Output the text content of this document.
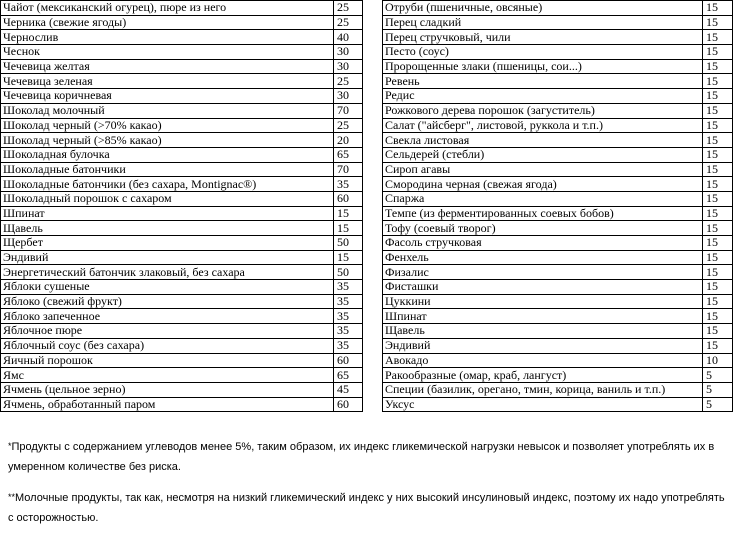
Чайот (мексиканский огурец), пюре из него	25
Черника (свежие ягоды)	25
Чернослив	40
Чеснок	30
Чечевица желтая	30
Чечевица зеленая	25
Чечевица коричневая	30
Шоколад молочный	70
Шоколад черный (>70% какао)	25
Шоколад черный (>85% какао)	20
Шоколадная булочка	65
Шоколадные батончики	70
Шоколадные батончики (без сахара, Montignac®)	35
Шоколадный порошок с сахаром	60
Шпинат	15
Щавель	15
Щербет	50
Эндивий	15
Энергетический батончик злаковый, без сахара	50
Яблоки сушеные	35
Яблоко (свежий фрукт)	35
Яблоко запеченное	35
Яблочное пюре	35
Яблочный соус (без сахара)	35
Яичный порошок	60
Ямс	65
Ячмень (цельное зерно)	45
Ячмень, обработанный паром	60
Отруби (пшеничные, овсяные)	15
Перец сладкий	15
Перец стручковый, чили	15
Песто (соус)	15
Пророщенные злаки (пшеницы, сои...)	15
Ревень	15
Редис	15
Рожкового дерева порошок (загуститель)	15
Салат ("айсберг", листовой, руккола и т.п.)	15
Свекла листовая	15
Сельдерей (стебли)	15
Сироп агавы	15
Смородина черная (свежая ягода)	15
Спаржа	15
Темпе (из ферментированных соевых бобов)	15
Тофу (соевый творог)	15
Фасоль стручковая	15
Фенхель	15
Физалис	15
Фисташки	15
Цуккини	15
Шпинат	15
Щавель	15
Эндивий	15
Авокадо	10
Ракообразные (омар, краб, лангуст)	5
Специи (базилик, орегано, тмин, корица, ваниль и т.п.)	5
Уксус	5

*Продукты с содержанием углеводов менее 5%, таким образом, их индекс гликемической нагрузки невысок и позволяет употреблять их в умеренном количестве без риска.

**Молочные продукты, так как, несмотря на низкий гликемический индекс у них высокий инсулиновый индекс, поэтому их надо употреблять с осторожностью.
